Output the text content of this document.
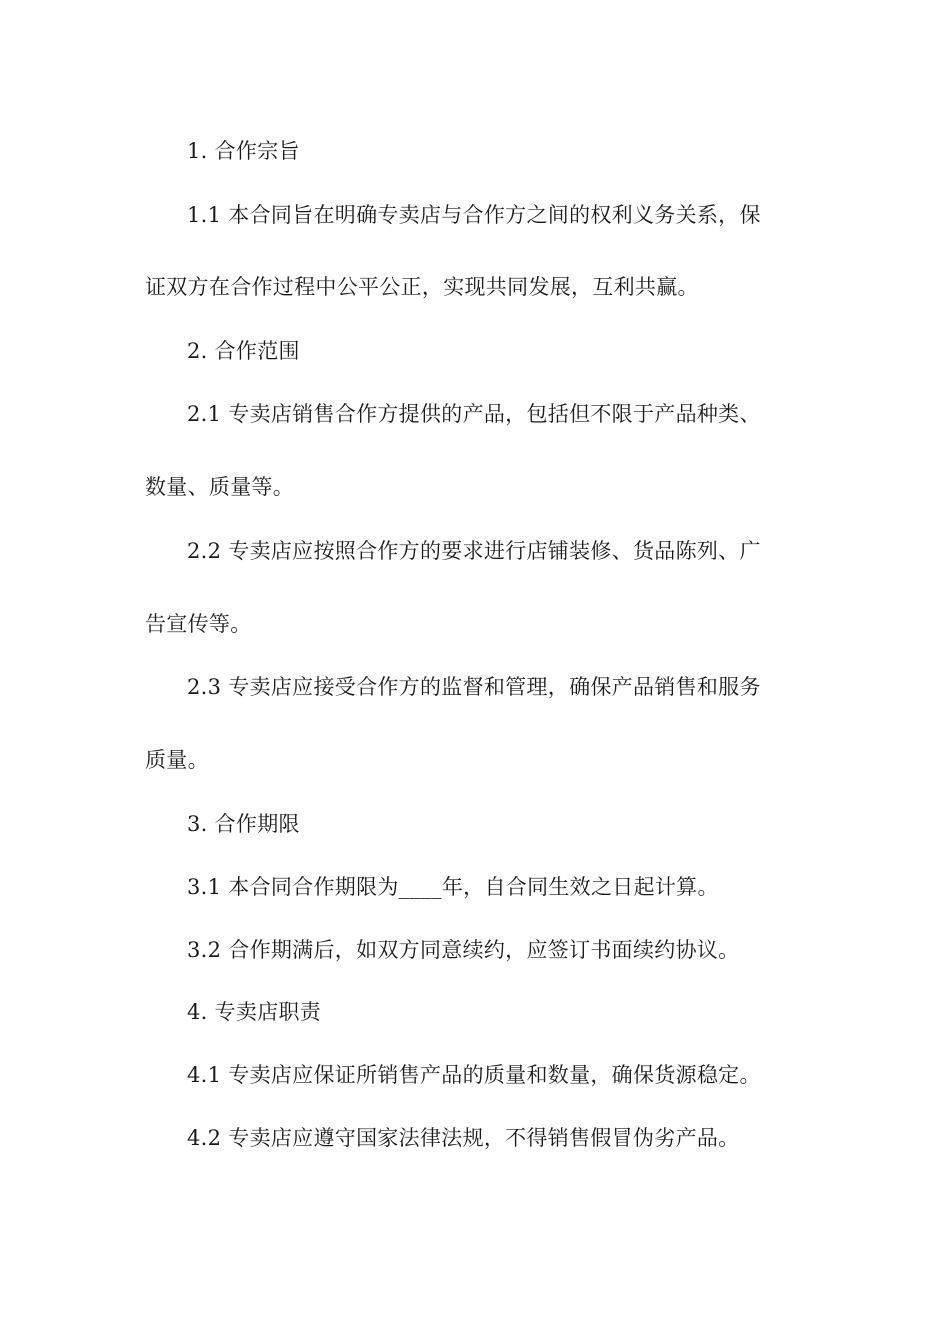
1. 合作宗旨
1.1 本合同旨在明确专卖店与合作方之间的权利义务关系，保
证双方在合作过程中公平公正，实现共同发展，互利共赢。
2. 合作范围
2.1 专卖店销售合作方提供的产品，包括但不限于产品种类、
数量、质量等。
2.2 专卖店应按照合作方的要求进行店铺装修、货品陈列、广
告宣传等。
2.3 专卖店应接受合作方的监督和管理，确保产品销售和服务
质量。
3. 合作期限
3.1 本合同合作期限为____年，自合同生效之日起计算。
3.2 合作期满后，如双方同意续约，应签订书面续约协议。
4. 专卖店职责
4.1 专卖店应保证所销售产品的质量和数量，确保货源稳定。
4.2 专卖店应遵守国家法律法规，不得销售假冒伪劣产品。
